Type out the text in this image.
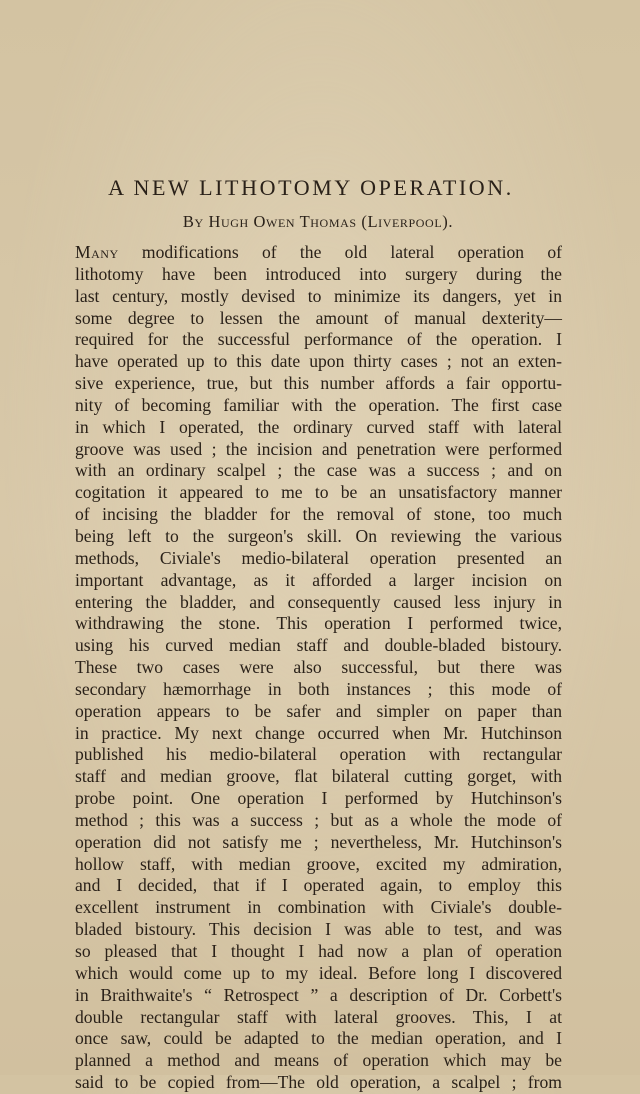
A NEW LITHOTOMY OPERATION.
By Hugh Owen Thomas (Liverpool).
Many modifications of the old lateral operation of
lithotomy have been introduced into surgery during the
last century, mostly devised to minimize its dangers, yet in
some degree to lessen the amount of manual dexterity—
required for the successful performance of the operation. I
have operated up to this date upon thirty cases ; not an exten-
sive experience, true, but this number affords a fair opportu-
nity of becoming familiar with the operation. The first case
in which I operated, the ordinary curved staff with lateral
groove was used ; the incision and penetration were performed
with an ordinary scalpel ; the case was a success ; and on
cogitation it appeared to me to be an unsatisfactory manner
of incising the bladder for the removal of stone, too much
being left to the surgeon's skill. On reviewing the various
methods, Civiale's medio-bilateral operation presented an
important advantage, as it afforded a larger incision on
entering the bladder, and consequently caused less injury in
withdrawing the stone. This operation I performed twice,
using his curved median staff and double-bladed bistoury.
These two cases were also successful, but there was
secondary hæmorrhage in both instances ; this mode of
operation appears to be safer and simpler on paper than
in practice. My next change occurred when Mr. Hutchinson
published his medio-bilateral operation with rectangular
staff and median groove, flat bilateral cutting gorget, with
probe point. One operation I performed by Hutchinson's
method ; this was a success ; but as a whole the mode of
operation did not satisfy me ; nevertheless, Mr. Hutchinson's
hollow staff, with median groove, excited my admiration,
and I decided, that if I operated again, to employ this
excellent instrument in combination with Civiale's double-
bladed bistoury. This decision I was able to test, and was
so pleased that I thought I had now a plan of operation
which would come up to my ideal. Before long I discovered
in Braithwaite's “ Retrospect ” a description of Dr. Corbett's
double rectangular staff with lateral grooves. This, I at
once saw, could be adapted to the median operation, and I
planned a method and means of operation which may be
said to be copied from—The old operation, a scalpel ; from
